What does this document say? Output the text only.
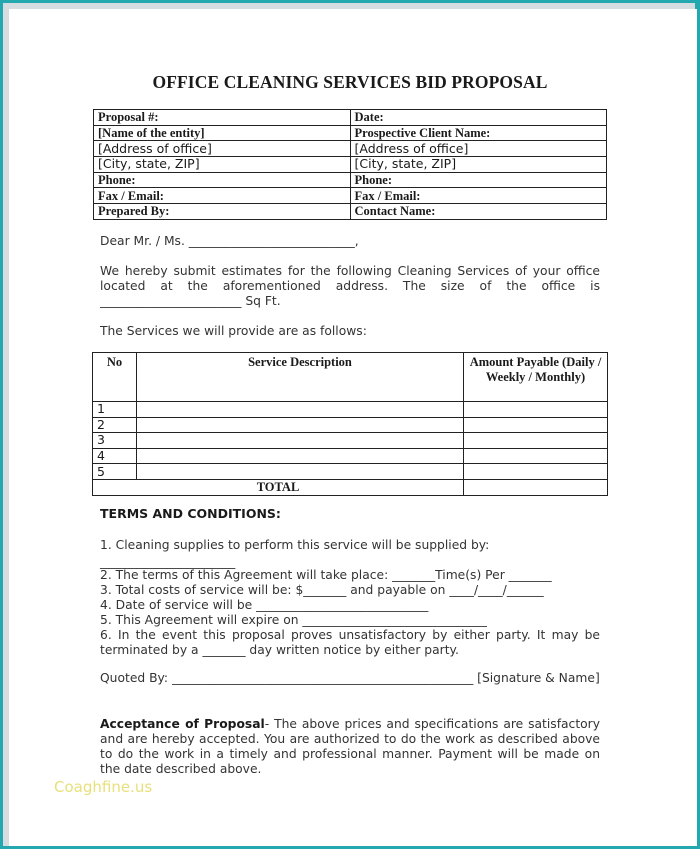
OFFICE CLEANING SERVICES BID PROPOSAL
Proposal #:	Date:
[Name of the entity]	Prospective Client Name:
[Address of office]	[Address of office]
[City, state, ZIP]	[City, state, ZIP]
Phone:	Phone:
Fax / Email:	Fax / Email:
Prepared By:	Contact Name:
Dear Mr. / Ms. ___________________________,
We hereby submit estimates for the following Cleaning Services of your office located at the aforementioned address. The size of the office is _______________________ Sq Ft.
The Services we will provide are as follows:
No	Service Description	Amount Payable (Daily / Weekly / Monthly)
1		
2		
3		
4		
5		
TOTAL		
TERMS AND CONDITIONS:
1. Cleaning supplies to perform this service will be supplied by:
______________________
2. The terms of this Agreement will take place: _______Time(s) Per _______
3. Total costs of service will be: $_______ and payable on ____/____/______
4. Date of service will be ____________________________
5. This Agreement will expire on ______________________________
6. In the event this proposal proves unsatisfactory by either party. It may be terminated by a _______ day written notice by either party.
Quoted By: _________________________________________________ [Signature & Name]
Acceptance of Proposal- The above prices and specifications are satisfactory and are hereby accepted. You are authorized to do the work as described above to do the work in a timely and professional manner. Payment will be made on the date described above.
Coaghfine.us
